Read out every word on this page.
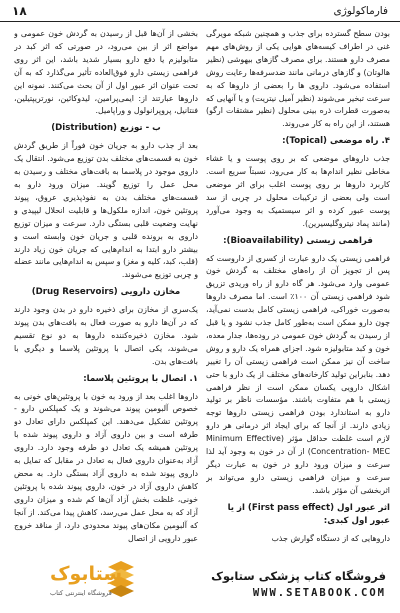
فارماکولوژی
۱۸

بودن سطح گسترده برای جذب و همچنین شبکه مویرگی غنی در اطراف کیسه‌های هوایی یکی از روش‌های مهم مصرف دارو هستند. برای مصرف گازهای بیهوشی (نظیر هالوتان) و گازهای درمانی مانند ضدسرفه‌ها رعایت روش استفاده می‌شود. داروی ها را بعضی از داروها که به سرعت تبخیر می‌شوند (نظیر آمیل نیتریت) و یا آنهایی که به‌صورت قطرات ذره بینی محلول (نظیر مشتقات ارگو) هستند، از این راه به کار می‌روند.

۴. راه موضعی (Topical):

جذب داروهای موضعی که بر روی پوست و یا غشاء مخاطی نظیر اندام‌ها به کار می‌رود، نسبتاً سریع است. کاربرد داروها بر روی پوست اغلب برای اثر موضعی است ولی بعضی از ترکیبات محلول در چربی از سد پوست عبور کرده و اثر سیستمیک به وجود می‌آورد (مانند پماد نیتروگلیسیرین).

فراهمی زیستی (Bioavailability):

فراهمی زیستی یک دارو عبارت از کسری از داروست که پس از تجویز آن از راه‌های مختلف به گردش خون عمومی وارد می‌شود. هر گاه دارو از راه وریدی تزریق شود فراهمی زیستی آن ۱۰۰٪ است. اما مصرف داروها به‌صورت خوراکی، فراهمی زیستی کامل بدست نمی‌آید، چون دارو ممکن است به‌طور کامل جذب نشود و یا قبل از رسیدن به گردش خون عمومی در روده‌ها، جدار معده، خون و کبد متابولیزه شود. اجزای همراه یک دارو و روش ساخت آن نیز ممکن است فراهمی زیستی آن را تغییر دهد. بنابراین تولید کارخانه‌های مختلف از یک دارو با حتی اشکال دارویی یکسان ممکن است از نظر فراهمی زیستی با هم متفاوت باشند. مؤسسات ناظر بر تولید دارو به استاندارد بودن فراهمی زیستی داروها توجه زیادی دارند. از آنجا که برای ایجاد اثر درمانی هر دارو لازم است غلظت حداقل مؤثر (Minimum Effective Concentration- MEC) از آن در خون به وجود آید لذا سرعت و میزان ورود دارو در خون به عبارت دیگر سرعت و میزان فراهمی زیستی دارو می‌تواند بر اثربخشی آن مؤثر باشد.

اثر عبور اول (First pass effect) از یا عبور اول کبدی:

داروهایی که از دستگاه گوارش جذب

بخشی از آن‌ها قبل از رسیدن به گردش خون عمومی و مواضع اثر از بین می‌رود، در صورتی که اثر کبد در متابولیزم یا دفع دارو بسیار شدید باشد، این اثر روی فراهمی زیستی دارو فوق‌العاده تأثیر می‌گذارد که به آن تحت عنوان اثر عبور اول از آن بحث می‌کنند. نمونه این داروها عبارتند از: ایمی‌پرامین، لیدوکائین، نورتریپتیلین، فنتانیل، پروپرانولول و وراپامیل.

ب - توزیع (Distribution)

بعد از جذب دارو به جریان خون فوراً از طریق گردش خون به قسمت‌های مختلف بدن توزیع می‌شود. انتقال یک داروی موجود در پلاسما به بافت‌های مختلف و رسیدن به محل عمل را توزیع گویند. میزان ورود دارو به قسمت‌های مختلف بدن به نفوذپذیری عروق، پیوند پروتئین خون، اندازه ملکول‌ها و قابلیت انحلال لیپیدی و نهایت وضعیت قلبی بستگی دارد. سرعت و میزان توزیع داروی به برونده قلبی و جریان خون وابسته است و بیشتر دارو ابتدا به اندام‌هایی که جریان خون زیاد دارند (قلب، کبد، کلیه و مغز) و سپس به اندام‌هایی مانند عضله و چربی توزیع می‌شوند.

مخازن دارویی (Drug Reservoirs)

یک‌سری از مخازن برای ذخیره دارو در بدن وجود دارند که در آن‌ها دارو به صورت فعال به بافت‌های بدن پیوند شود. مخازن ذخیره‌کننده داروها به دو نوع تقسیم می‌شوند، یکی اتصال با پروتئین پلاسما و دیگری با بافت‌های بدن.

۱. اتصال با پروتئین پلاسما:

داروها اغلب بعد از ورود به خون با پروتئین‌های خونی به خصوص آلبومین پیوند می‌شوند و یک کمپلکس دارو - پروتئین تشکیل می‌دهند. این کمپلکس دارای تعادل دو طرفه است و بین داروی آزاد و داروی پیوند شده با پروتئین همیشه یک تعادل دو طرفه وجود دارد. داروی آزاد به‌عنوان داروی فعال به تعادل در مقابل که تمایل به داروی پیوند شده به داروی آزاد بستگی دارد. به محض کاهش داروی آزاد در خون، داروی پیوند شده با پروتئین خونی، غلظت بخش آزاد آن‌ها کم شده و میزان داروی آزاد که به محل عمل می‌رسد، کاهش پیدا می‌کند. از آنجا که آلبومین مکان‌های پیوند محدودی دارد، از مناقد خروج عبور دارویی از اتصال

سِتابوک
فروشگاه اینترنتی کتاب
فروشگاه کتاب پزشکی ستابوک
WWW.SETABOOK.COM
